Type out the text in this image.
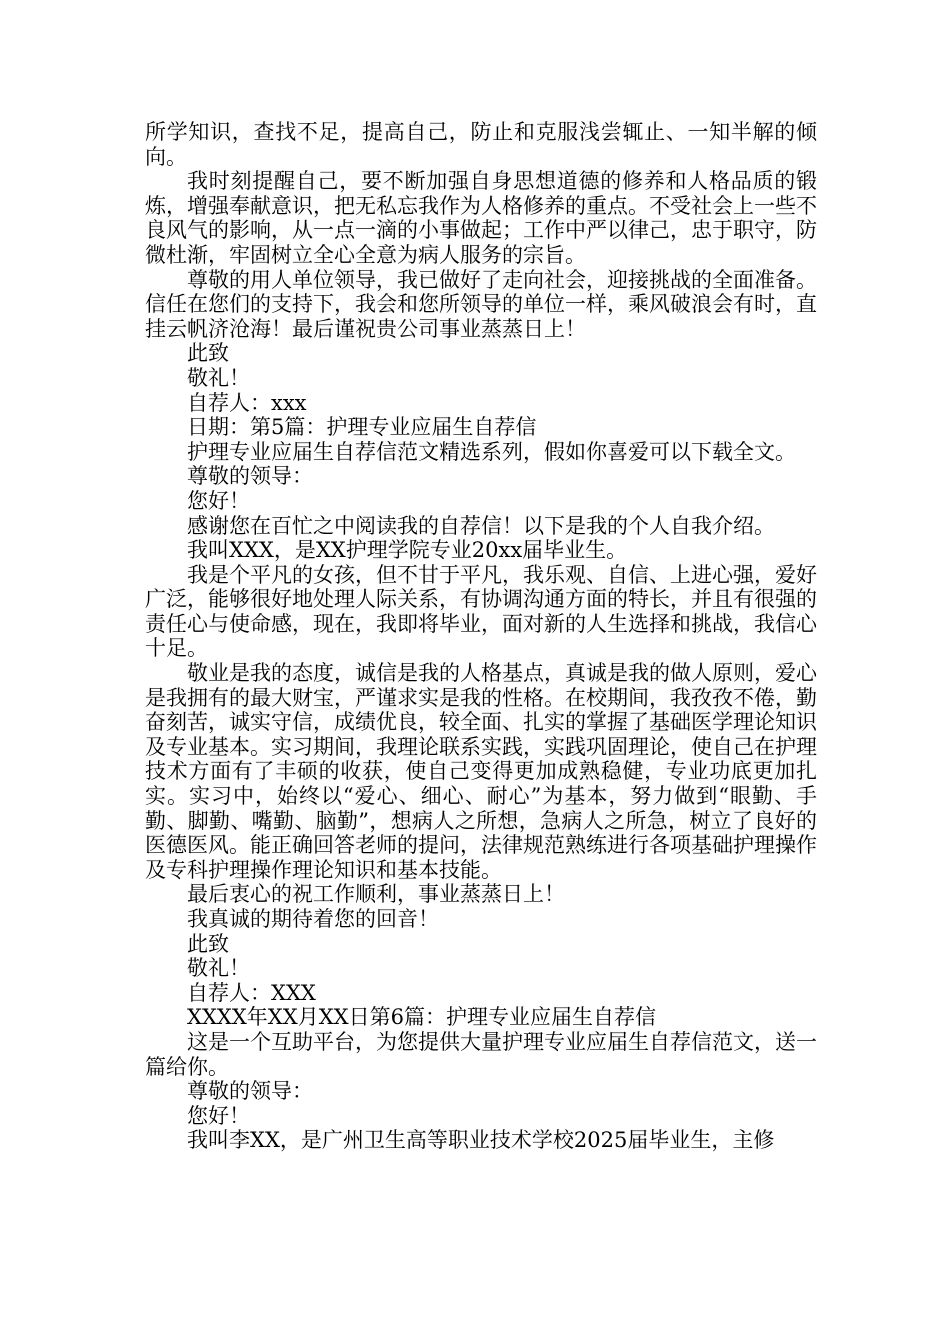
所学知识，查找不足，提高自己，防止和克服浅尝辄止、一知半解的倾向。

我时刻提醒自己，要不断加强自身思想道德的修养和人格品质的锻炼，增强奉献意识，把无私忘我作为人格修养的重点。不受社会上一些不良风气的影响，从一点一滴的小事做起；工作中严以律己，忠于职守，防微杜渐，牢固树立全心全意为病人服务的宗旨。

尊敬的用人单位领导，我已做好了走向社会，迎接挑战的全面准备。信任在您们的支持下，我会和您所领导的单位一样，乘风破浪会有时，直挂云帆济沧海！最后谨祝贵公司事业蒸蒸日上！

此致

敬礼！

自荐人：xxx

日期：第5篇：护理专业应届生自荐信

护理专业应届生自荐信范文精选系列，假如你喜爱可以下载全文。

尊敬的领导：

您好！

感谢您在百忙之中阅读我的自荐信！以下是我的个人自我介绍。

我叫XXX，是XX护理学院专业20xx届毕业生。

我是个平凡的女孩，但不甘于平凡，我乐观、自信、上进心强，爱好广泛，能够很好地处理人际关系，有协调沟通方面的特长，并且有很强的责任心与使命感，现在，我即将毕业，面对新的人生选择和挑战，我信心十足。

敬业是我的态度，诚信是我的人格基点，真诚是我的做人原则，爱心是我拥有的最大财宝，严谨求实是我的性格。在校期间，我孜孜不倦，勤奋刻苦，诚实守信，成绩优良，较全面、扎实的掌握了基础医学理论知识及专业基本。实习期间，我理论联系实践，实践巩固理论，使自己在护理技术方面有了丰硕的收获，使自己变得更加成熟稳健，专业功底更加扎实。实习中，始终以“爱心、细心、耐心”为基本，努力做到“眼勤、手勤、脚勤、嘴勤、脑勤”，想病人之所想，急病人之所急，树立了良好的医德医风。能正确回答老师的提问，法律规范熟练进行各项基础护理操作及专科护理操作理论知识和基本技能。

最后衷心的祝工作顺利，事业蒸蒸日上！

我真诚的期待着您的回音！

此致

敬礼！

自荐人：XXX

XXXX年XX月XX日第6篇：护理专业应届生自荐信

这是一个互助平台，为您提供大量护理专业应届生自荐信范文，送一篇给你。

尊敬的领导：

您好！

我叫李XX，是广州卫生高等职业技术学校2025届毕业生，主修
